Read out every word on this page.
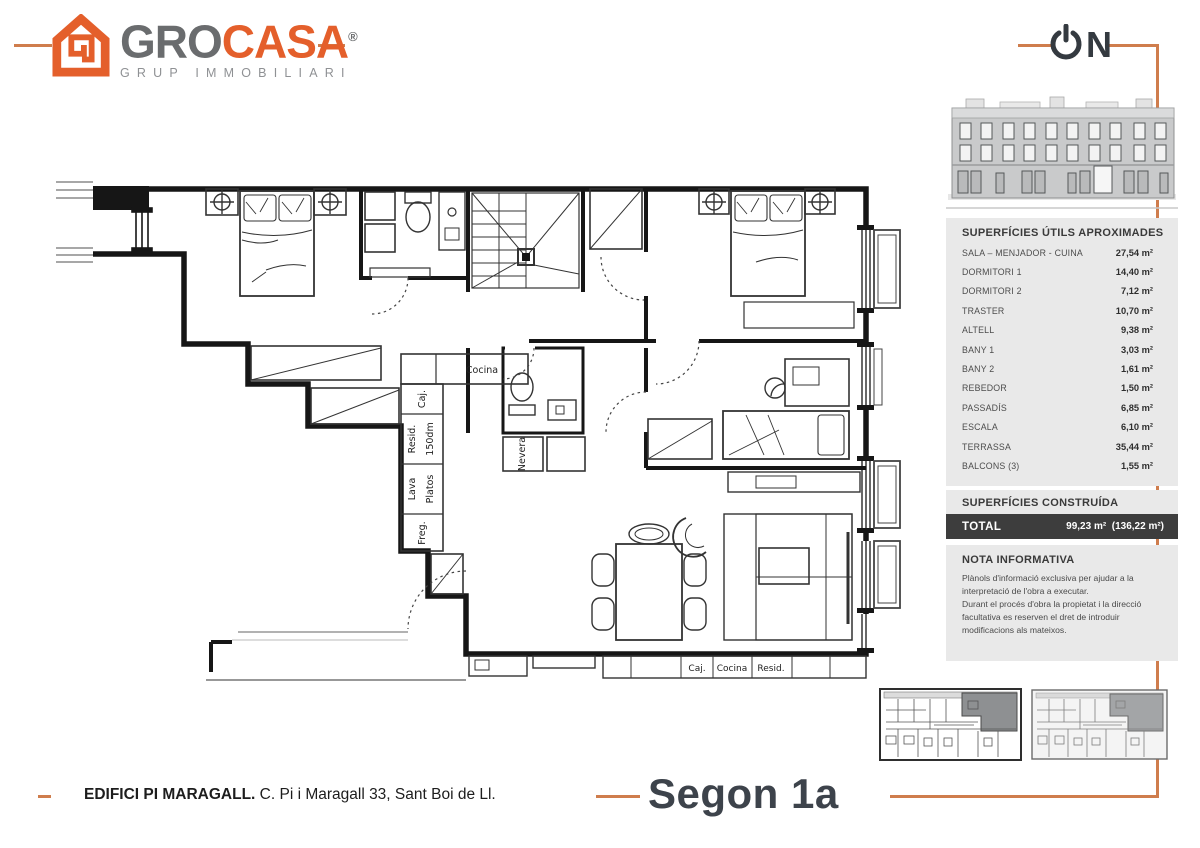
GROCASA®
GRUP IMMOBILIARI
N
SUPERFÍCIES ÚTILS APROXIMADES
SALA – MENJADOR - CUINA	27,54 m²
DORMITORI 1	14,40 m²
DORMITORI 2	7,12 m²
TRASTER	10,70 m²
ALTELL	9,38 m²
BANY 1	3,03 m²
BANY 2	1,61 m²
REBEDOR	1,50 m²
PASSADÍS	6,85 m²
ESCALA	6,10 m²
TERRASSA	35,44 m²
BALCONS (3)	1,55 m²
SUPERFÍCIES CONSTRUÍDA
TOTAL	99,23 m² (136,22 m²)
NOTA INFORMATIVA
Plànols d'informació exclusiva per ajudar a la
interpretació de l'obra a executar.
Durant el procés d'obra la propietat i la direcció
facultativa es reserven el dret de introduir
modificacions als mateixos.
Cocina
Caj.
Resid. 150dm
Lava Platos
Freg.
Nevera
Caj. Cocina Resid.
EDIFICI PI MARAGALL. C. Pi i Maragall 33, Sant Boi de Ll.	Segon 1a
